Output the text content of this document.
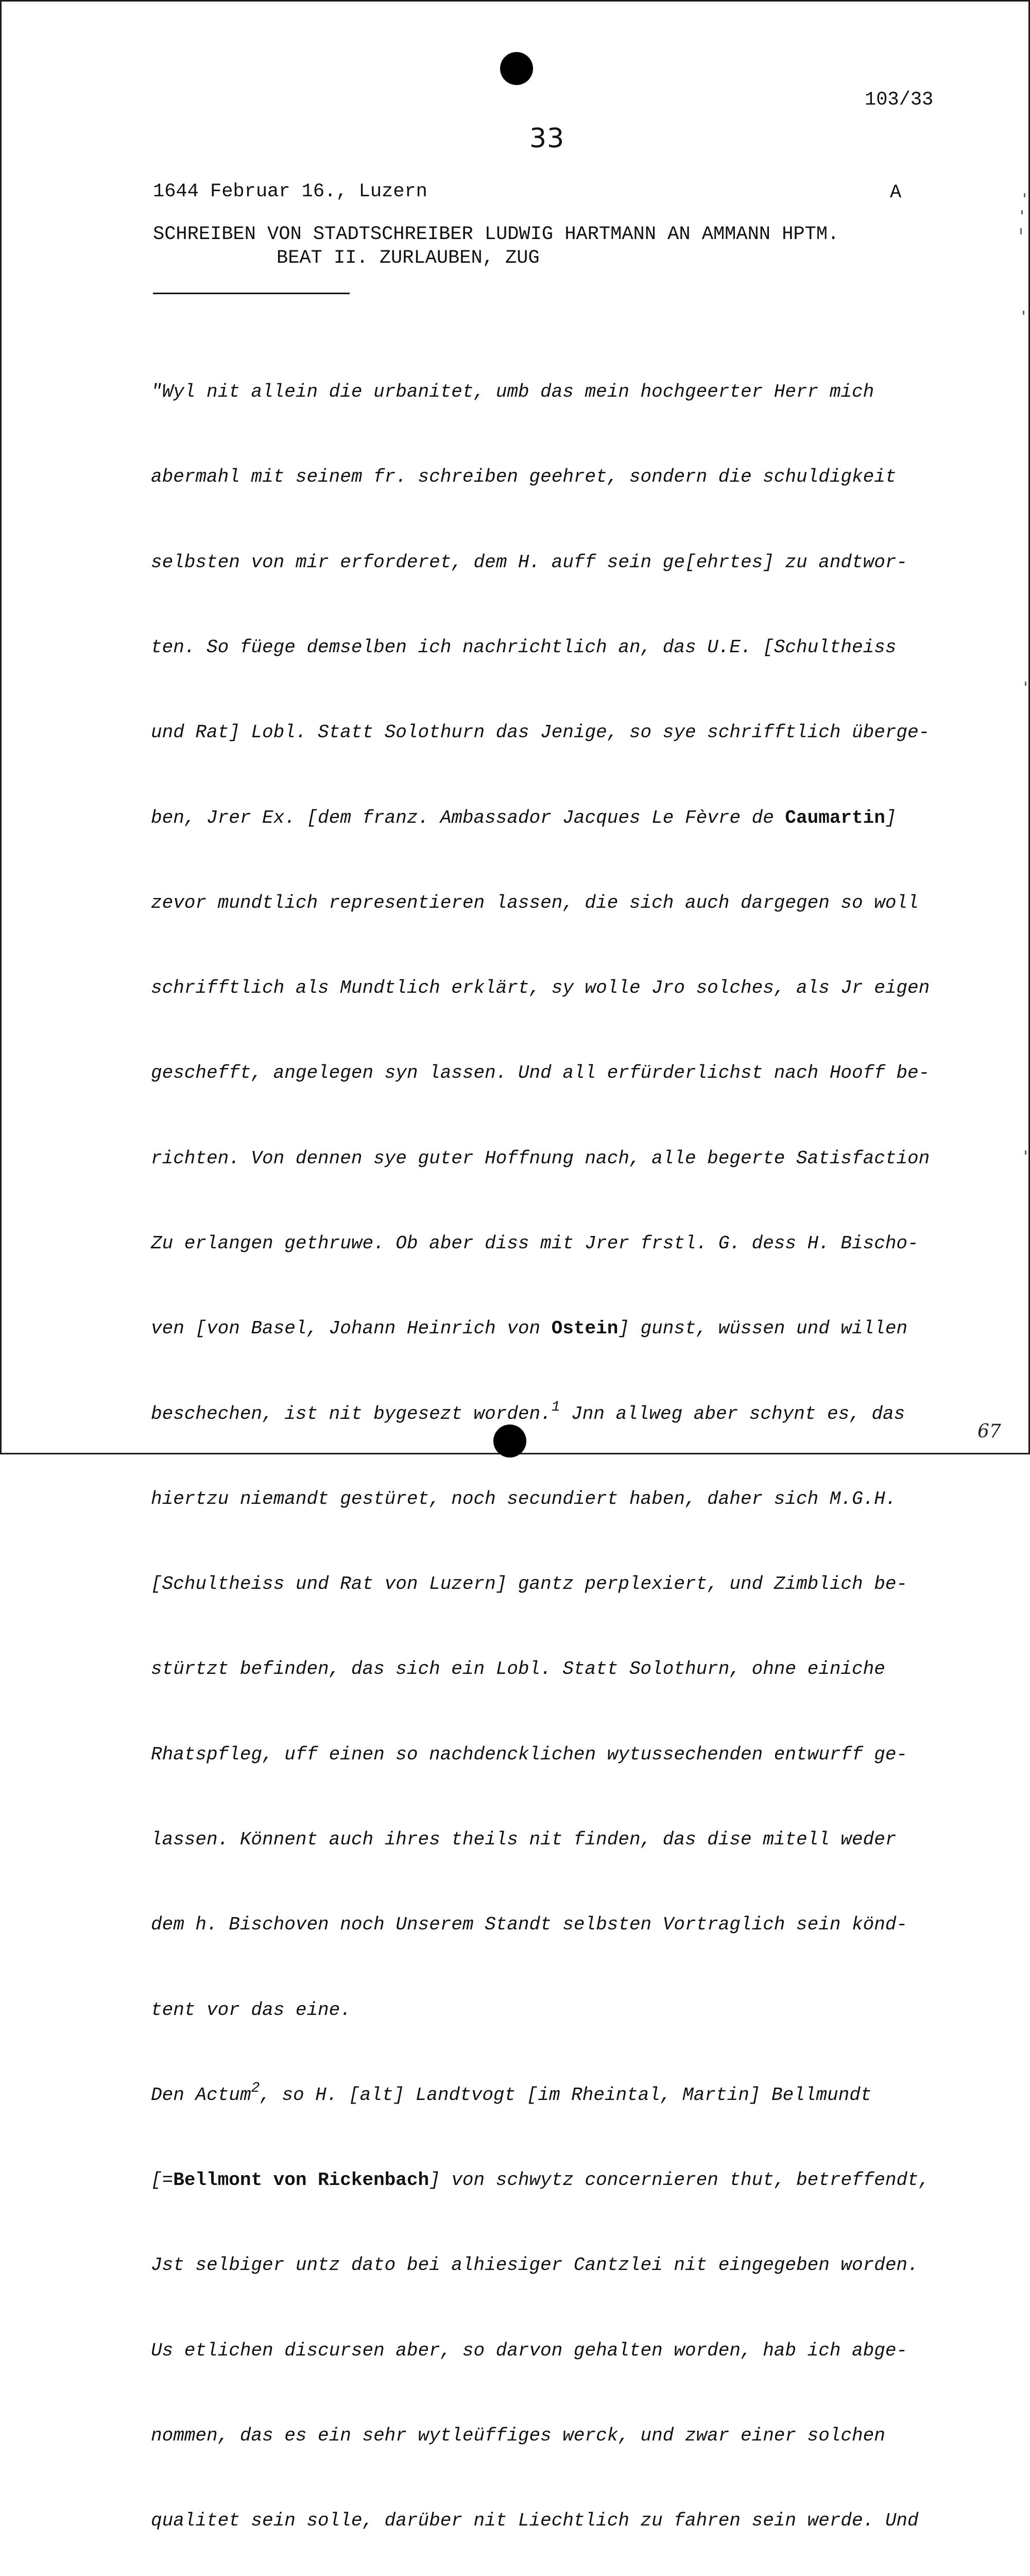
103/33
33
1644 Februar 16., Luzern	A
SCHREIBEN VON STADTSCHREIBER LUDWIG HARTMANN AN AMMANN HPTM.
BEAT II. ZURLAUBEN, ZUG

"Wyl nit allein die urbanitet, umb das mein hochgeerter Herr mich

abermahl mit seinem fr. schreiben geehret, sondern die schuldigkeit

selbsten von mir erforderet, dem H. auff sein ge[ehrtes] zu andtwor-

ten. So füege demselben ich nachrichtlich an, das U.E. [Schultheiss

und Rat] Lobl. Statt Solothurn das Jenige, so sye schrifftlich überge-

ben, Jrer Ex. [dem franz. Ambassador Jacques Le Fèvre de Caumartin]

zevor mundtlich representieren lassen, die sich auch dargegen so woll

schrifftlich als Mundtlich erklärt, sy wolle Jro solches, als Jr eigen

geschefft, angelegen syn lassen. Und all erfürderlichst nach Hooff be-

richten. Von dennen sye guter Hoffnung nach, alle begerte Satisfaction

Zu erlangen gethruwe. Ob aber diss mit Jrer frstl. G. dess H. Bischo-

ven [von Basel, Johann Heinrich von Ostein] gunst, wüssen und willen

beschechen, ist nit bygesezt worden.$^1$ Jnn allweg aber schynt es, das

hiertzu niemandt gestüret, noch secundiert haben, daher sich M.G.H.

[Schultheiss und Rat von Luzern] gantz perplexiert, und Zimblich be-

stürtzt befinden, das sich ein Lobl. Statt Solothurn, ohne einiche

Rhatspfleg, uff einen so nachdencklichen wytussechenden entwurff ge-

lassen. Könnent auch ihres theils nit finden, das dise mitell weder

dem h. Bischoven noch Unserem Standt selbsten Vortraglich sein könd-

tent vor das eine.

Den Actum$^2$, so H. [alt] Landtvogt [im Rheintal, Martin] Bellmundt

[=Bellmont von Rickenbach] von schwytz concernieren thut, betreffendt,

Jst selbiger untz dato bei alhiesiger Cantzlei nit eingegeben worden.

Us etlichen discursen aber, so darvon gehalten worden, hab ich abge-

nommen, das es ein sehr wytleüffiges werck, und zwar einer solchen

qualitet sein solle, darüber nit Liechtlich zu fahren sein werde. Und

67
